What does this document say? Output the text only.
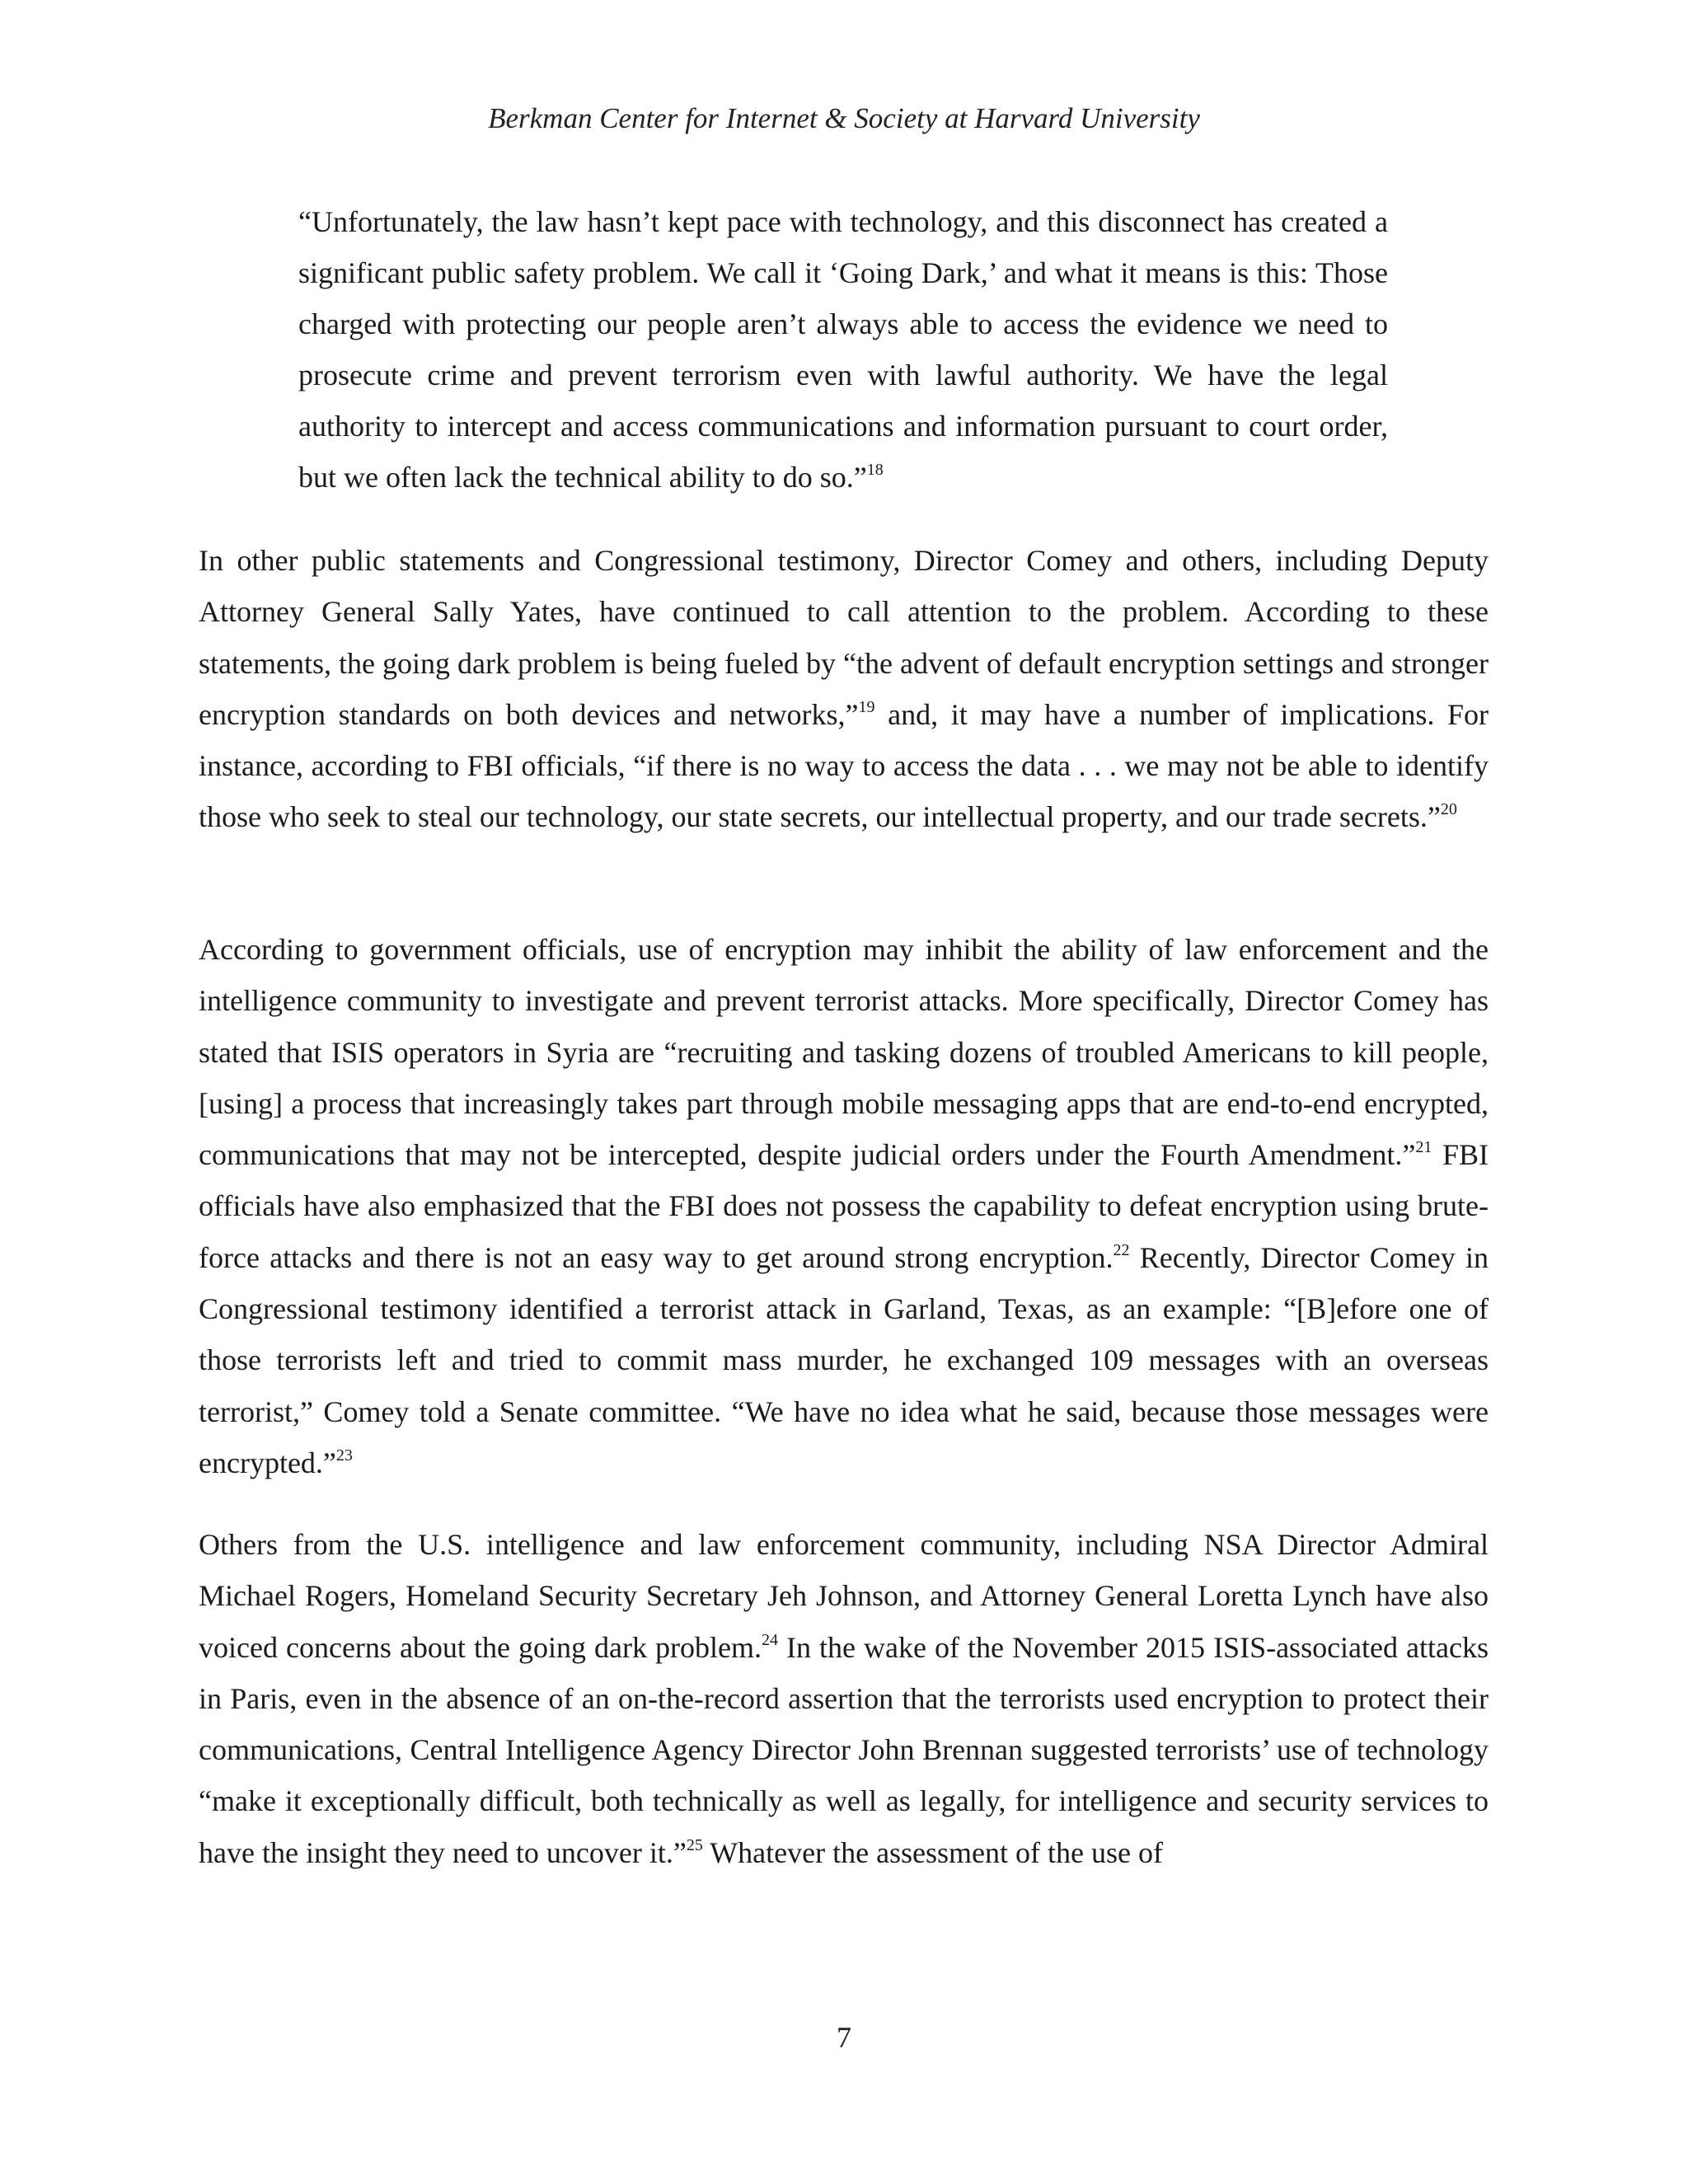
Berkman Center for Internet & Society at Harvard University
“Unfortunately, the law hasn’t kept pace with technology, and this disconnect has created a significant public safety problem. We call it ‘Going Dark,’ and what it means is this: Those charged with protecting our people aren’t always able to access the evidence we need to prosecute crime and prevent terrorism even with lawful authority. We have the legal authority to intercept and access communications and information pursuant to court order, but we often lack the technical ability to do so.”$^{18}$
In other public statements and Congressional testimony, Director Comey and others, including Deputy Attorney General Sally Yates, have continued to call attention to the problem. According to these statements, the going dark problem is being fueled by “the advent of default encryption settings and stronger encryption standards on both devices and networks,”$^{19}$ and, it may have a number of implications. For instance, according to FBI officials, “if there is no way to access the data . . . we may not be able to identify those who seek to steal our technology, our state secrets, our intellectual property, and our trade secrets.”$^{20}$
According to government officials, use of encryption may inhibit the ability of law enforcement and the intelligence community to investigate and prevent terrorist attacks. More specifically, Director Comey has stated that ISIS operators in Syria are “recruiting and tasking dozens of troubled Americans to kill people, [using] a process that increasingly takes part through mobile messaging apps that are end-to-end encrypted, communications that may not be intercepted, despite judicial orders under the Fourth Amendment.”$^{21}$ FBI officials have also emphasized that the FBI does not possess the capability to defeat encryption using brute-force attacks and there is not an easy way to get around strong encryption.$^{22}$ Recently, Director Comey in Congressional testimony identified a terrorist attack in Garland, Texas, as an example: “[B]efore one of those terrorists left and tried to commit mass murder, he exchanged 109 messages with an overseas terrorist,” Comey told a Senate committee. “We have no idea what he said, because those messages were encrypted.”$^{23}$
Others from the U.S. intelligence and law enforcement community, including NSA Director Admiral Michael Rogers, Homeland Security Secretary Jeh Johnson, and Attorney General Loretta Lynch have also voiced concerns about the going dark problem.$^{24}$ In the wake of the November 2015 ISIS-associated attacks in Paris, even in the absence of an on-the-record assertion that the terrorists used encryption to protect their communications, Central Intelligence Agency Director John Brennan suggested terrorists’ use of technology “make it exceptionally difficult, both technically as well as legally, for intelligence and security services to have the insight they need to uncover it.”$^{25}$ Whatever the assessment of the use of
7
